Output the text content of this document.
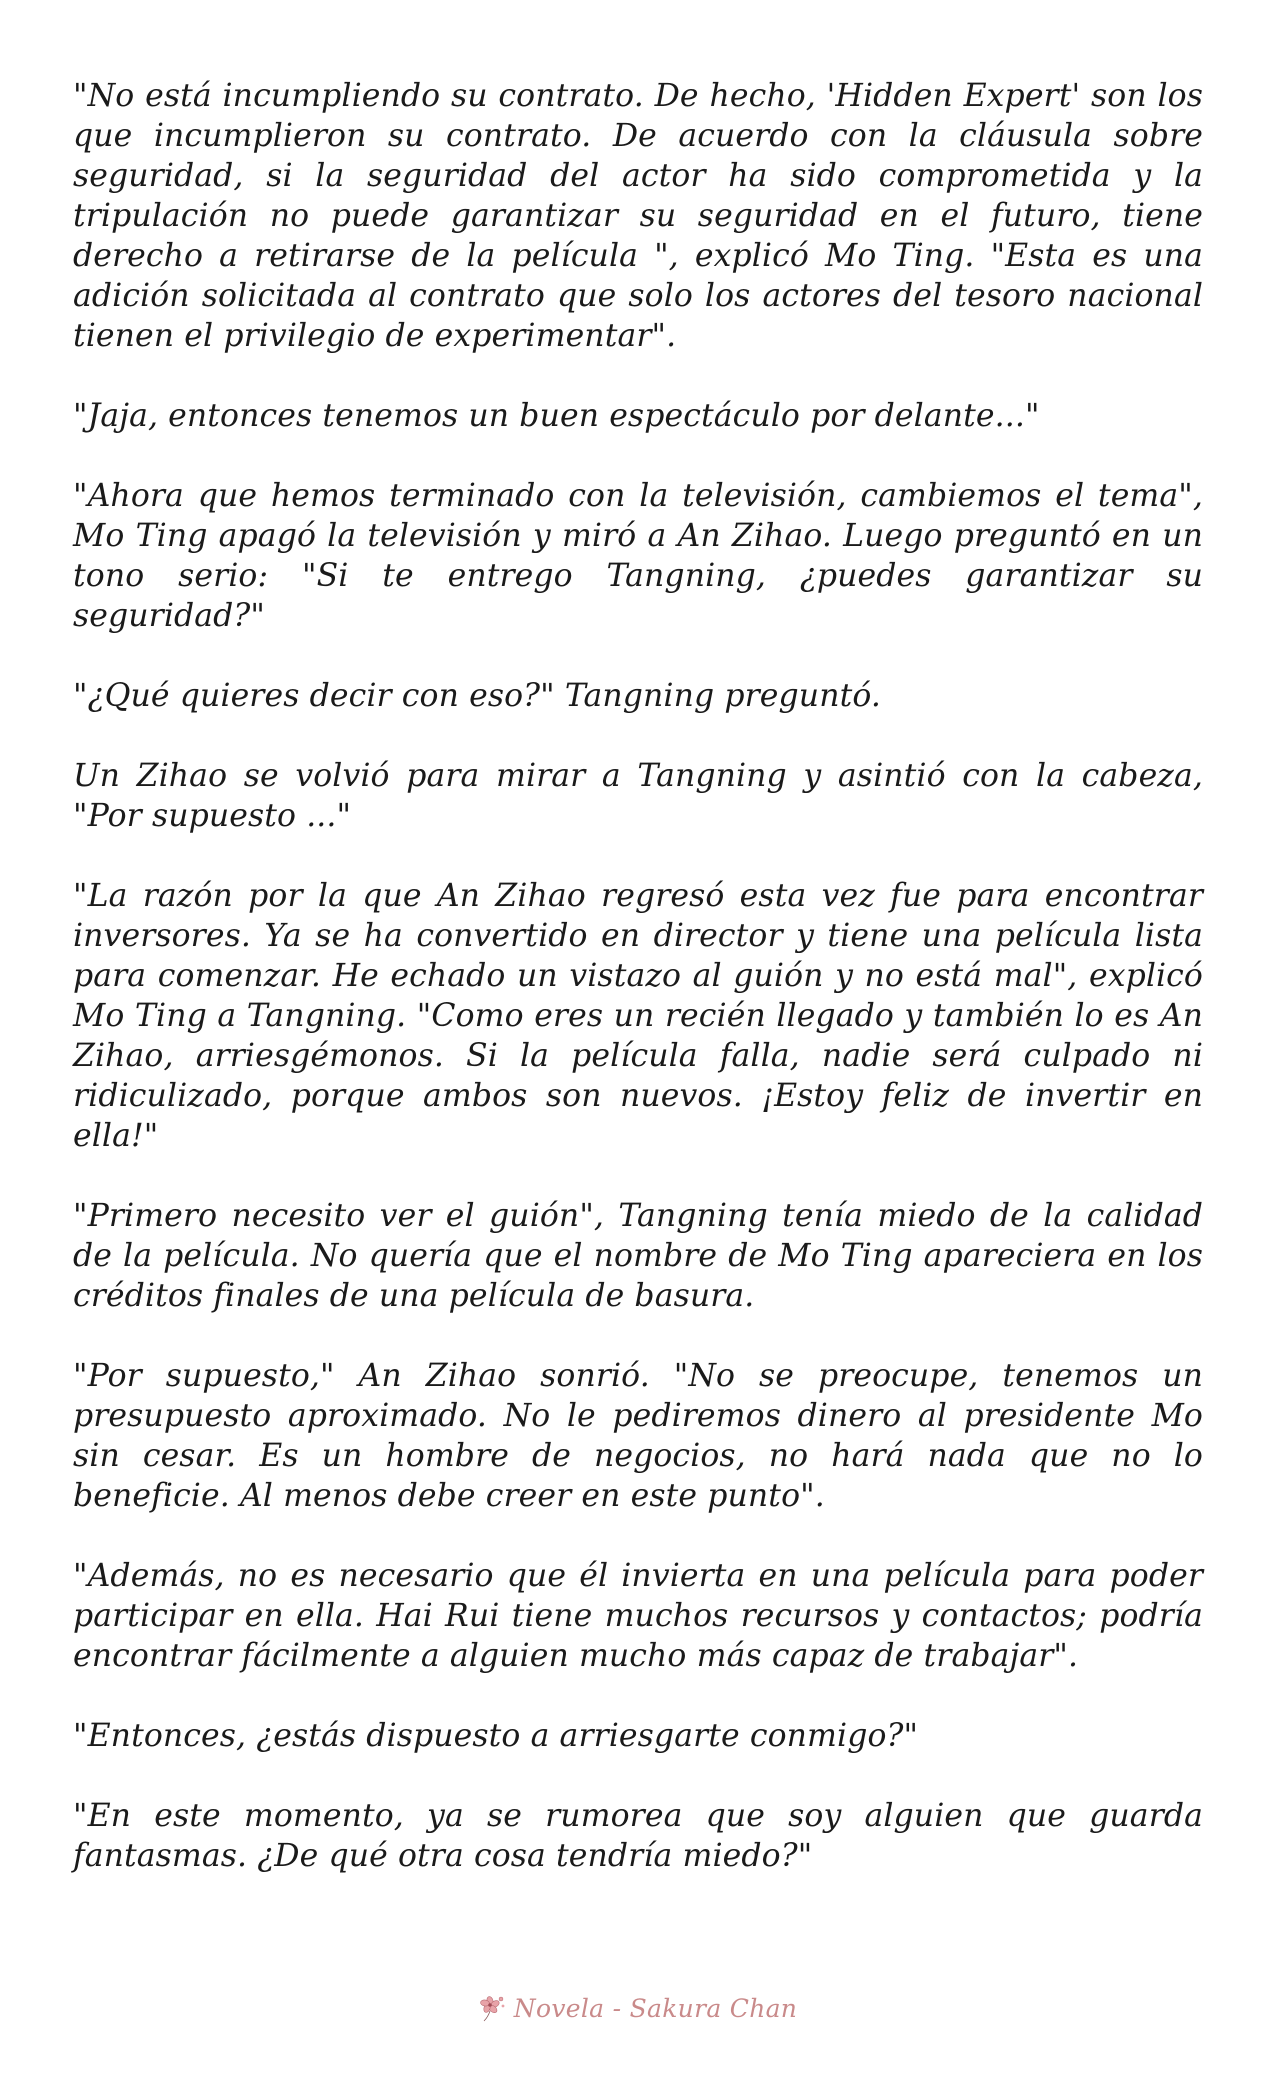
"No está incumpliendo su contrato. De hecho, 'Hidden Expert' son los que incumplieron su contrato. De acuerdo con la cláusula sobre seguridad, si la seguridad del actor ha sido comprometida y la tripulación no puede garantizar su seguridad en el futuro, tiene derecho a retirarse de la película ", explicó Mo Ting. "Esta es una adición solicitada al contrato que solo los actores del tesoro nacional tienen el privilegio de experimentar".

"Jaja, entonces tenemos un buen espectáculo por delante..."

"Ahora que hemos terminado con la televisión, cambiemos el tema", Mo Ting apagó la televisión y miró a An Zihao. Luego preguntó en un tono serio: "Si te entrego Tangning, ¿puedes garantizar su seguridad?"

"¿Qué quieres decir con eso?" Tangning preguntó.

Un Zihao se volvió para mirar a Tangning y asintió con la cabeza, "Por supuesto ..."

"La razón por la que An Zihao regresó esta vez fue para encontrar inversores. Ya se ha convertido en director y tiene una película lista para comenzar. He echado un vistazo al guión y no está mal", explicó Mo Ting a Tangning. "Como eres un recién llegado y también lo es An Zihao, arriesgémonos. Si la película falla, nadie será culpado ni ridiculizado, porque ambos son nuevos. ¡Estoy feliz de invertir en ella!"

"Primero necesito ver el guión", Tangning tenía miedo de la calidad de la película. No quería que el nombre de Mo Ting apareciera en los créditos finales de una película de basura.

"Por supuesto," An Zihao sonrió. "No se preocupe, tenemos un presupuesto aproximado. No le pediremos dinero al presidente Mo sin cesar. Es un hombre de negocios, no hará nada que no lo beneficie. Al menos debe creer en este punto".

"Además, no es necesario que él invierta en una película para poder participar en ella. Hai Rui tiene muchos recursos y contactos; podría encontrar fácilmente a alguien mucho más capaz de trabajar".

"Entonces, ¿estás dispuesto a arriesgarte conmigo?"

"En este momento, ya se rumorea que soy alguien que guarda fantasmas. ¿De qué otra cosa tendría miedo?"

Novela - Sakura Chan
